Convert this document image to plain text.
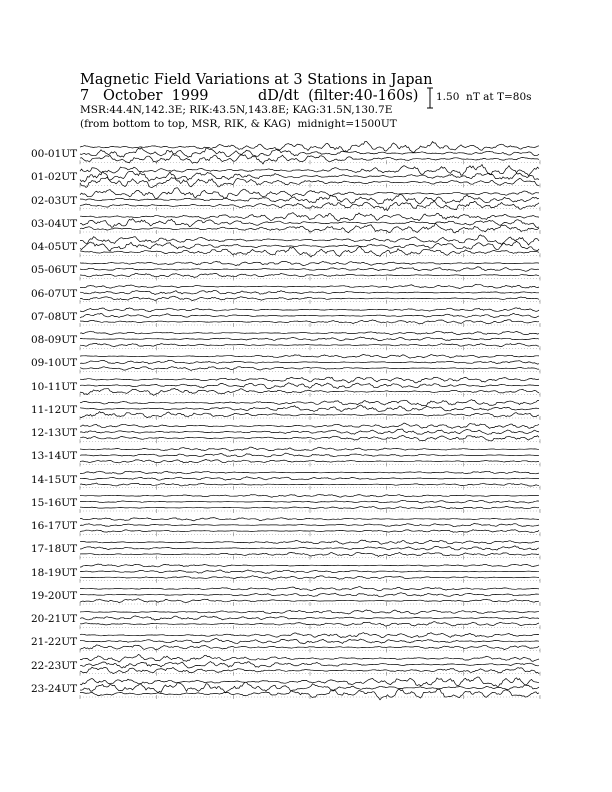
Magnetic Field Variations at 3 Stations in Japan
7   October  1999	dD/dt  (filter:40-160s)
MSR:44.4N,142.3E; RIK:43.5N,143.8E; KAG:31.5N,130.7E
(from bottom to top, MSR, RIK, & KAG)  midnight=1500UT
1.50  nT at T=80s
00-01UT
01-02UT
02-03UT
03-04UT
04-05UT
05-06UT
06-07UT
07-08UT
08-09UT
09-10UT
10-11UT
11-12UT
12-13UT
13-14UT
14-15UT
15-16UT
16-17UT
17-18UT
18-19UT
19-20UT
20-21UT
21-22UT
22-23UT
23-24UT
